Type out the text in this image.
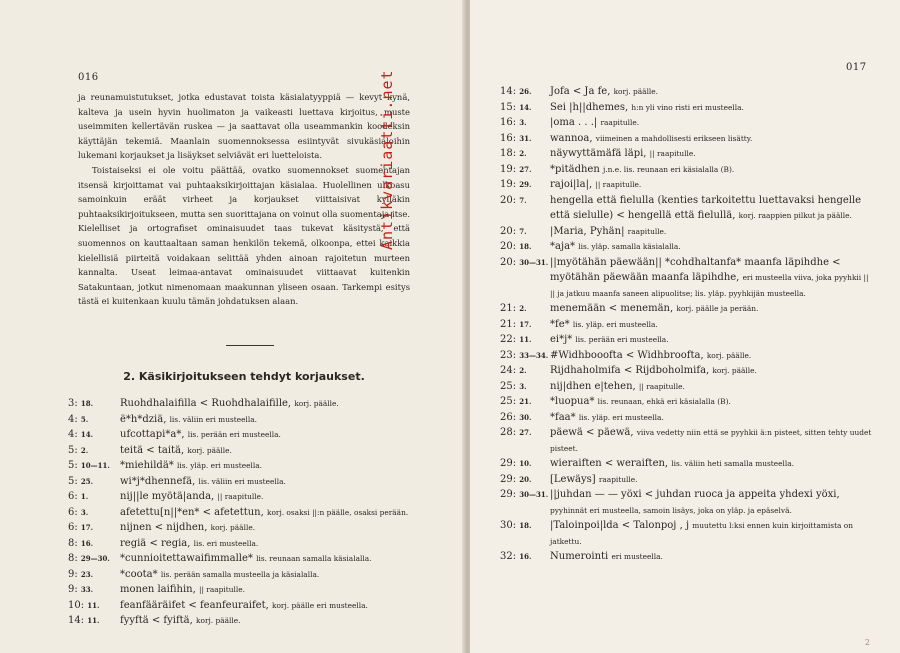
016

ja reunamuistutukset, jotka edustavat toista käsialatyyppiä — kevyt kynä, kalteva ja usein hyvin huolimaton ja vaikeasti luettava kirjoitus, muste useimmiten kellertävän ruskea — ja saattavat olla useammankin koodeksin käyttäjän tekemiä. Maanlain suomennoksessa esiintyvät sivukäsialoihin lukemani korjaukset ja lisäykset selviävät eri luetteloista.

Toistaiseksi ei ole voitu päättää, ovatko suomennokset suomentajan itsensä kirjoittamat vai puhtaaksikirjoittajan käsialaa. Huolellinen ulkoasu samoinkuin eräät virheet ja korjaukset viittaisivat kylläkin puhtaaksikirjoitukseen, mutta sen suorittajana on voinut olla suomentaja itse. Kielelliset ja ortografiset ominaisuudet taas tukevat käsitystä, että suomennos on kauttaaltaan saman henkilön tekemä, olkoonpa, ettei kaikkia kielellisiä piirteitä voidakaan selittää yhden ainoan rajoitetun murteen kannalta. Useat leimaa-antavat ominaisuudet viittaavat kuitenkin Satakuntaan, jotkut nimenomaan maakunnan yliseen osaan. Tarkempi esitys tästä ei kuitenkaan kuulu tämän johdatuksen alaan.

2. Käsikirjoitukseen tehdyt korjaukset.
3: 18.	Ruohdhalaifilla < Ruohdhalaifille, korj. päälle.
4: 5.	ë*h*dziä, lis. väliin eri musteella.
4: 14.	ufcottapi*a*, lis. perään eri musteella.
5: 2.	teitä < taitä, korj. päälle.
5: 10—11.	*miehildä* lis. yläp. eri musteella.
5: 25.	wi*j*dhennefä, lis. väliin eri musteella.
6: 1.	nij||le myötä|anda, || raapitulle.
6: 3.	afetettu[n||*en* < afetettun, korj. osaksi ||:n päälle, osaksi perään.
6: 17.	nijnen < nijdhen, korj. päälle.
8: 16.	regiä < regia, lis. eri musteella.
8: 29—30.	*cunnioitettawaifimmalle* lis. reunaan samalla käsialalla.
9: 23.	*coota* lis. perään samalla musteella ja käsialalla.
9: 33.	monen laifihin, || raapitulle.
10: 11.	feanfääräifet < feanfeuraifet, korj. päälle eri musteella.
14: 11.	fyyftä < fyiftä, korj. päälle.
Antikvariaatti.net
017
14: 26.	Jofa < Ja fe, korj. päälle.
15: 14.	Sei |h||dhemes, h:n yli vino risti eri musteella.
16: 3.	|oma . . .| raapitulle.
16: 31.	wannoa, viimeinen a mahdollisesti erikseen lisätty.
18: 2.	näywyttämäfä läpi, || raapitulle.
19: 27.	*pitädhen j.n.e. lis. reunaan eri käsialalla (B).
19: 29.	rajoi|la|, || raapitulle.
20: 7.	hengella että fielulla (kenties tarkoitettu luettavaksi hengelle että sielulle) < hengellä että fielullä, korj. raappien pilkut ja päälle.
20: 7.	|Maria, Pyhän| raapitulle.
20: 18.	*aja* lis. yläp. samalla käsialalla.
20: 30—31. ||myötähän päewään|| *cohdhaltanfa* maanfa läpihdhe < myötähän päewään maanfa läpihdhe, eri musteella viiva, joka pyyhkii || || ja jatkuu maanfa saneen alipuolitse; lis. yläp. pyyhkijän musteella.
21: 2.	menemään < menemän, korj. päälle ja perään.
21: 17.	*fe* lis. yläp. eri musteella.
22: 11.	ei*j* lis. perään eri musteella.
23: 33—34. #Widhbooofta < Widhbroofta, korj. päälle.
24: 2.	Rijdhaholmifa < Rijdboholmifa, korj. päälle.
25: 3.	nij|dhen e|tehen, || raapitulle.
25: 21.	*luopua* lis. reunaan, ehkä eri käsialalla (B).
26: 30.	*faa* lis. yläp. eri musteella.
28: 27.	päewä < päewä, viiva vedetty niin että se pyyhkii ä:n pisteet, sitten tehty uudet pisteet.
29: 10.	wieraiften < weraiften, lis. väliin heti samalla musteella.
29: 20.	[Lewäys] raapitulle.
29: 30—31. ||juhdan — — yöxi < juhdan ruoca ja appeita yhdexi yöxi, pyyhinnät eri musteella, samoin lisäys, joka on yläp. ja epäselvä.
30: 18.	|Taloinpoi|lda < Talonpoj , j muutettu l:ksi ennen kuin kirjoittamista on jatkettu.
32: 16.	Numerointi eri musteella.
2
